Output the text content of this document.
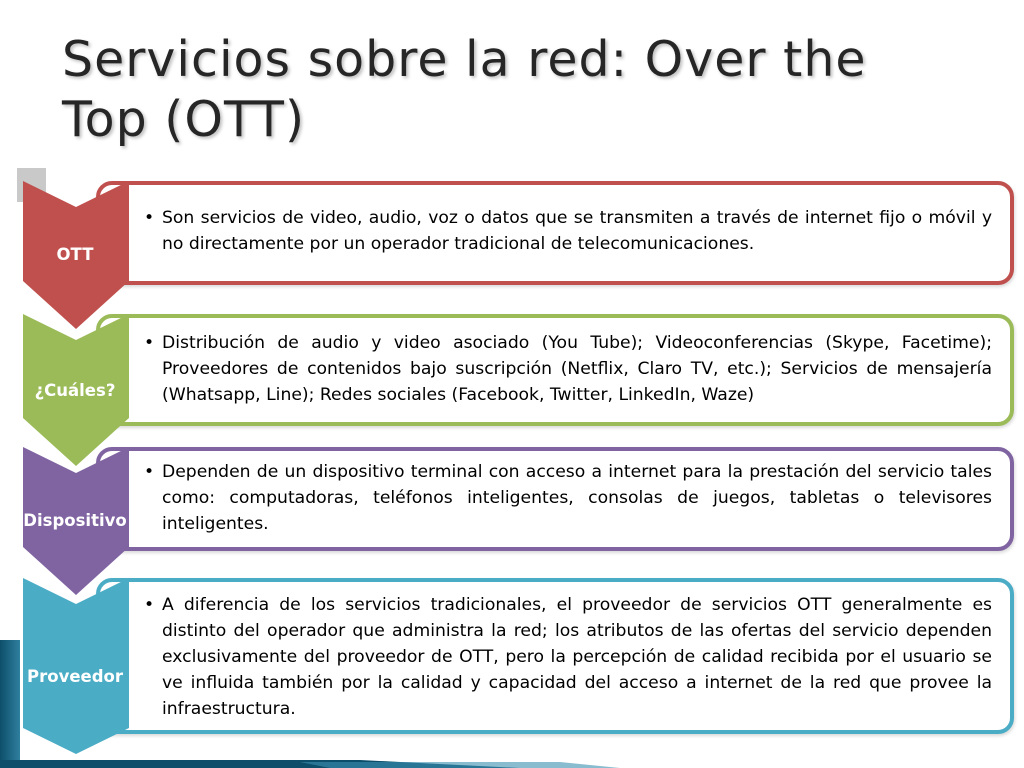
Servicios sobre la red: Over the
Top (OTT)
• Son servicios de video, audio, voz o datos que se transmiten a través de internet fijo o móvil y no directamente por un operador tradicional de telecomunicaciones.
OTT
• Distribución de audio y video asociado (You Tube); Videoconferencias (Skype, Facetime); Proveedores de contenidos bajo suscripción (Netflix, Claro TV, etc.); Servicios de mensajería (Whatsapp, Line); Redes sociales (Facebook, Twitter, LinkedIn, Waze)
¿Cuáles?
• Dependen de un dispositivo terminal con acceso a internet para la prestación del servicio tales como: computadoras, teléfonos inteligentes, consolas de juegos, tabletas o televisores inteligentes.
Dispositivo
• A diferencia de los servicios tradicionales, el proveedor de servicios OTT generalmente es distinto del operador que administra la red; los atributos de las ofertas del servicio dependen exclusivamente del proveedor de OTT, pero la percepción de calidad recibida por el usuario se ve influida también por la calidad y capacidad del acceso a internet de la red que provee la infraestructura.
Proveedor
